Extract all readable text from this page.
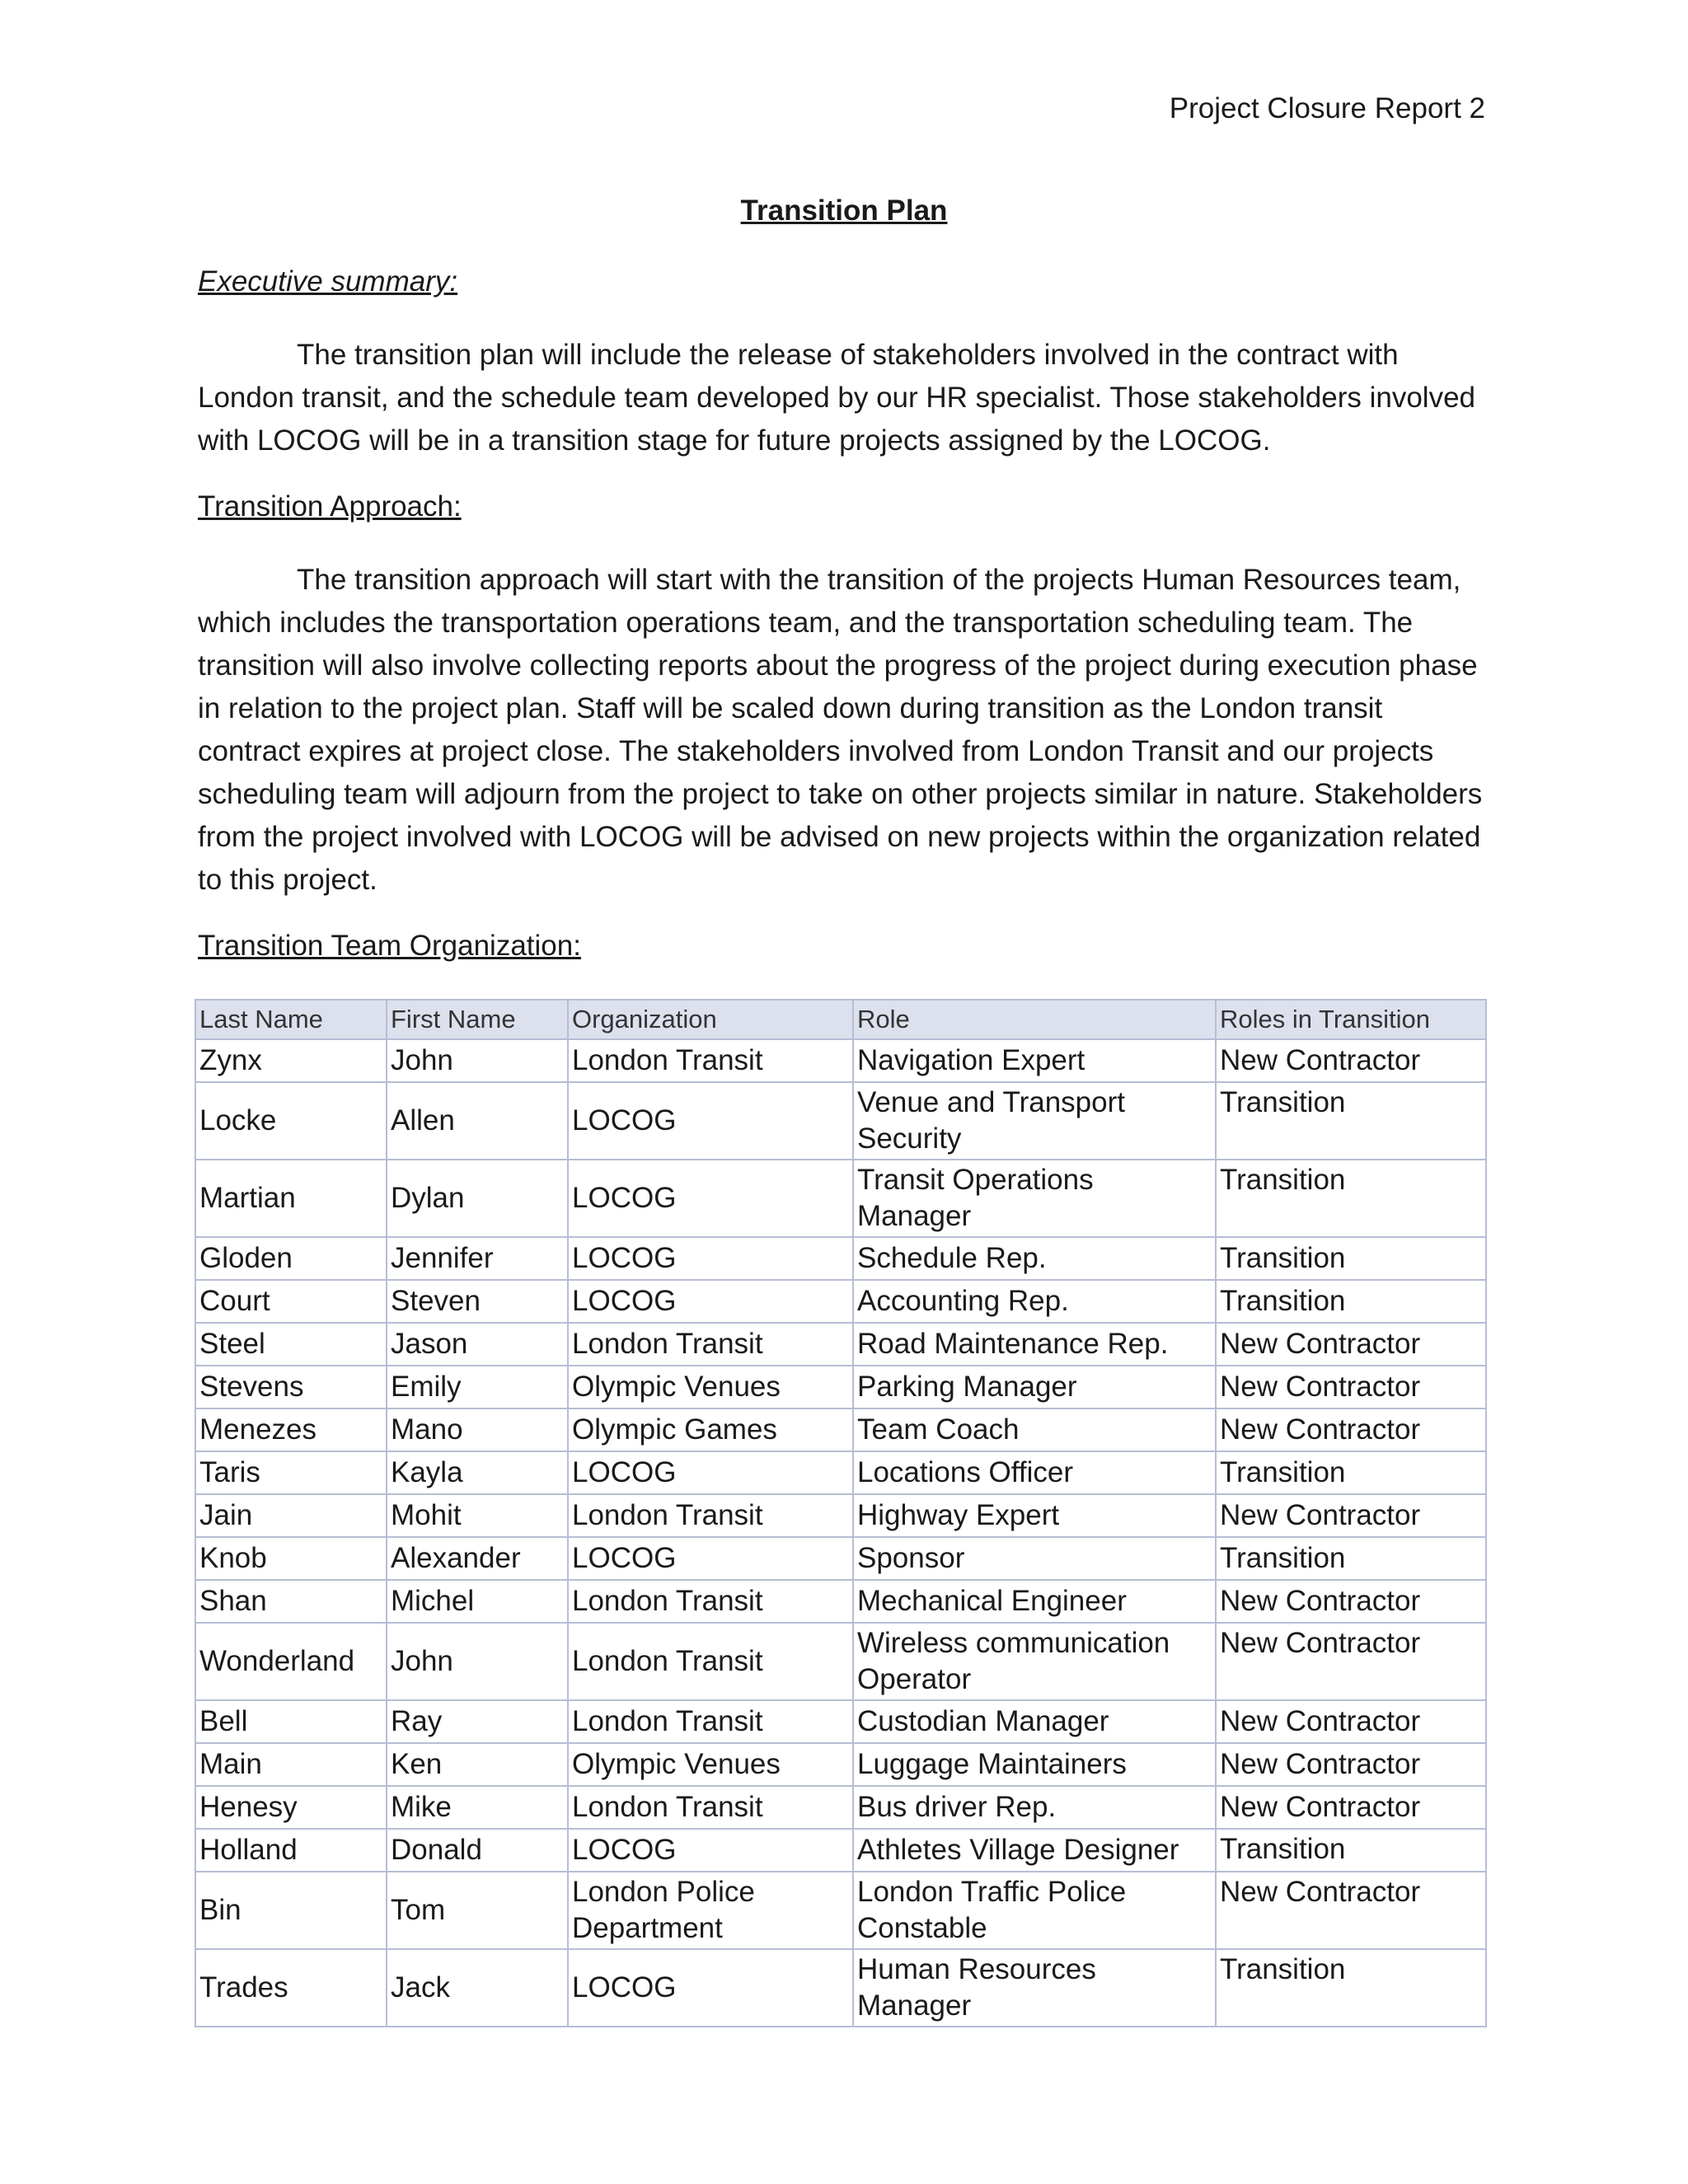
Project Closure Report 2
Transition Plan
Executive summary:
The transition plan will include the release of stakeholders involved in the contract with London transit, and the schedule team developed by our HR specialist. Those stakeholders involved with LOCOG will be in a transition stage for future projects assigned by the LOCOG.
Transition Approach:
The transition approach will start with the transition of the projects Human Resources team, which includes the transportation operations team, and the transportation scheduling team. The transition will also involve collecting reports about the progress of the project during execution phase in relation to the project plan. Staff will be scaled down during transition as the London transit contract expires at project close. The stakeholders involved from London Transit and our projects scheduling team will adjourn from the project to take on other projects similar in nature. Stakeholders from the project involved with LOCOG will be advised on new projects within the organization related to this project.
Transition Team Organization:
Last Name	First Name	Organization	Role	Roles in Transition
Zynx	John	London Transit	Navigation Expert	New Contractor
Locke	Allen	LOCOG	Venue and Transport Security	Transition
Martian	Dylan	LOCOG	Transit Operations Manager	Transition
Gloden	Jennifer	LOCOG	Schedule Rep.	Transition
Court	Steven	LOCOG	Accounting Rep.	Transition
Steel	Jason	London Transit	Road Maintenance Rep.	New Contractor
Stevens	Emily	Olympic Venues	Parking Manager	New Contractor
Menezes	Mano	Olympic Games	Team Coach	New Contractor
Taris	Kayla	LOCOG	Locations Officer	Transition
Jain	Mohit	London Transit	Highway Expert	New Contractor
Knob	Alexander	LOCOG	Sponsor	Transition
Shan	Michel	London Transit	Mechanical Engineer	New Contractor
Wonderland	John	London Transit	Wireless communication Operator	New Contractor
Bell	Ray	London Transit	Custodian Manager	New Contractor
Main	Ken	Olympic Venues	Luggage Maintainers	New Contractor
Henesy	Mike	London Transit	Bus driver Rep.	New Contractor
Holland	Donald	LOCOG	Athletes Village Designer	Transition
Bin	Tom	London Police Department	London Traffic Police Constable	New Contractor
Trades	Jack	LOCOG	Human Resources Manager	Transition
